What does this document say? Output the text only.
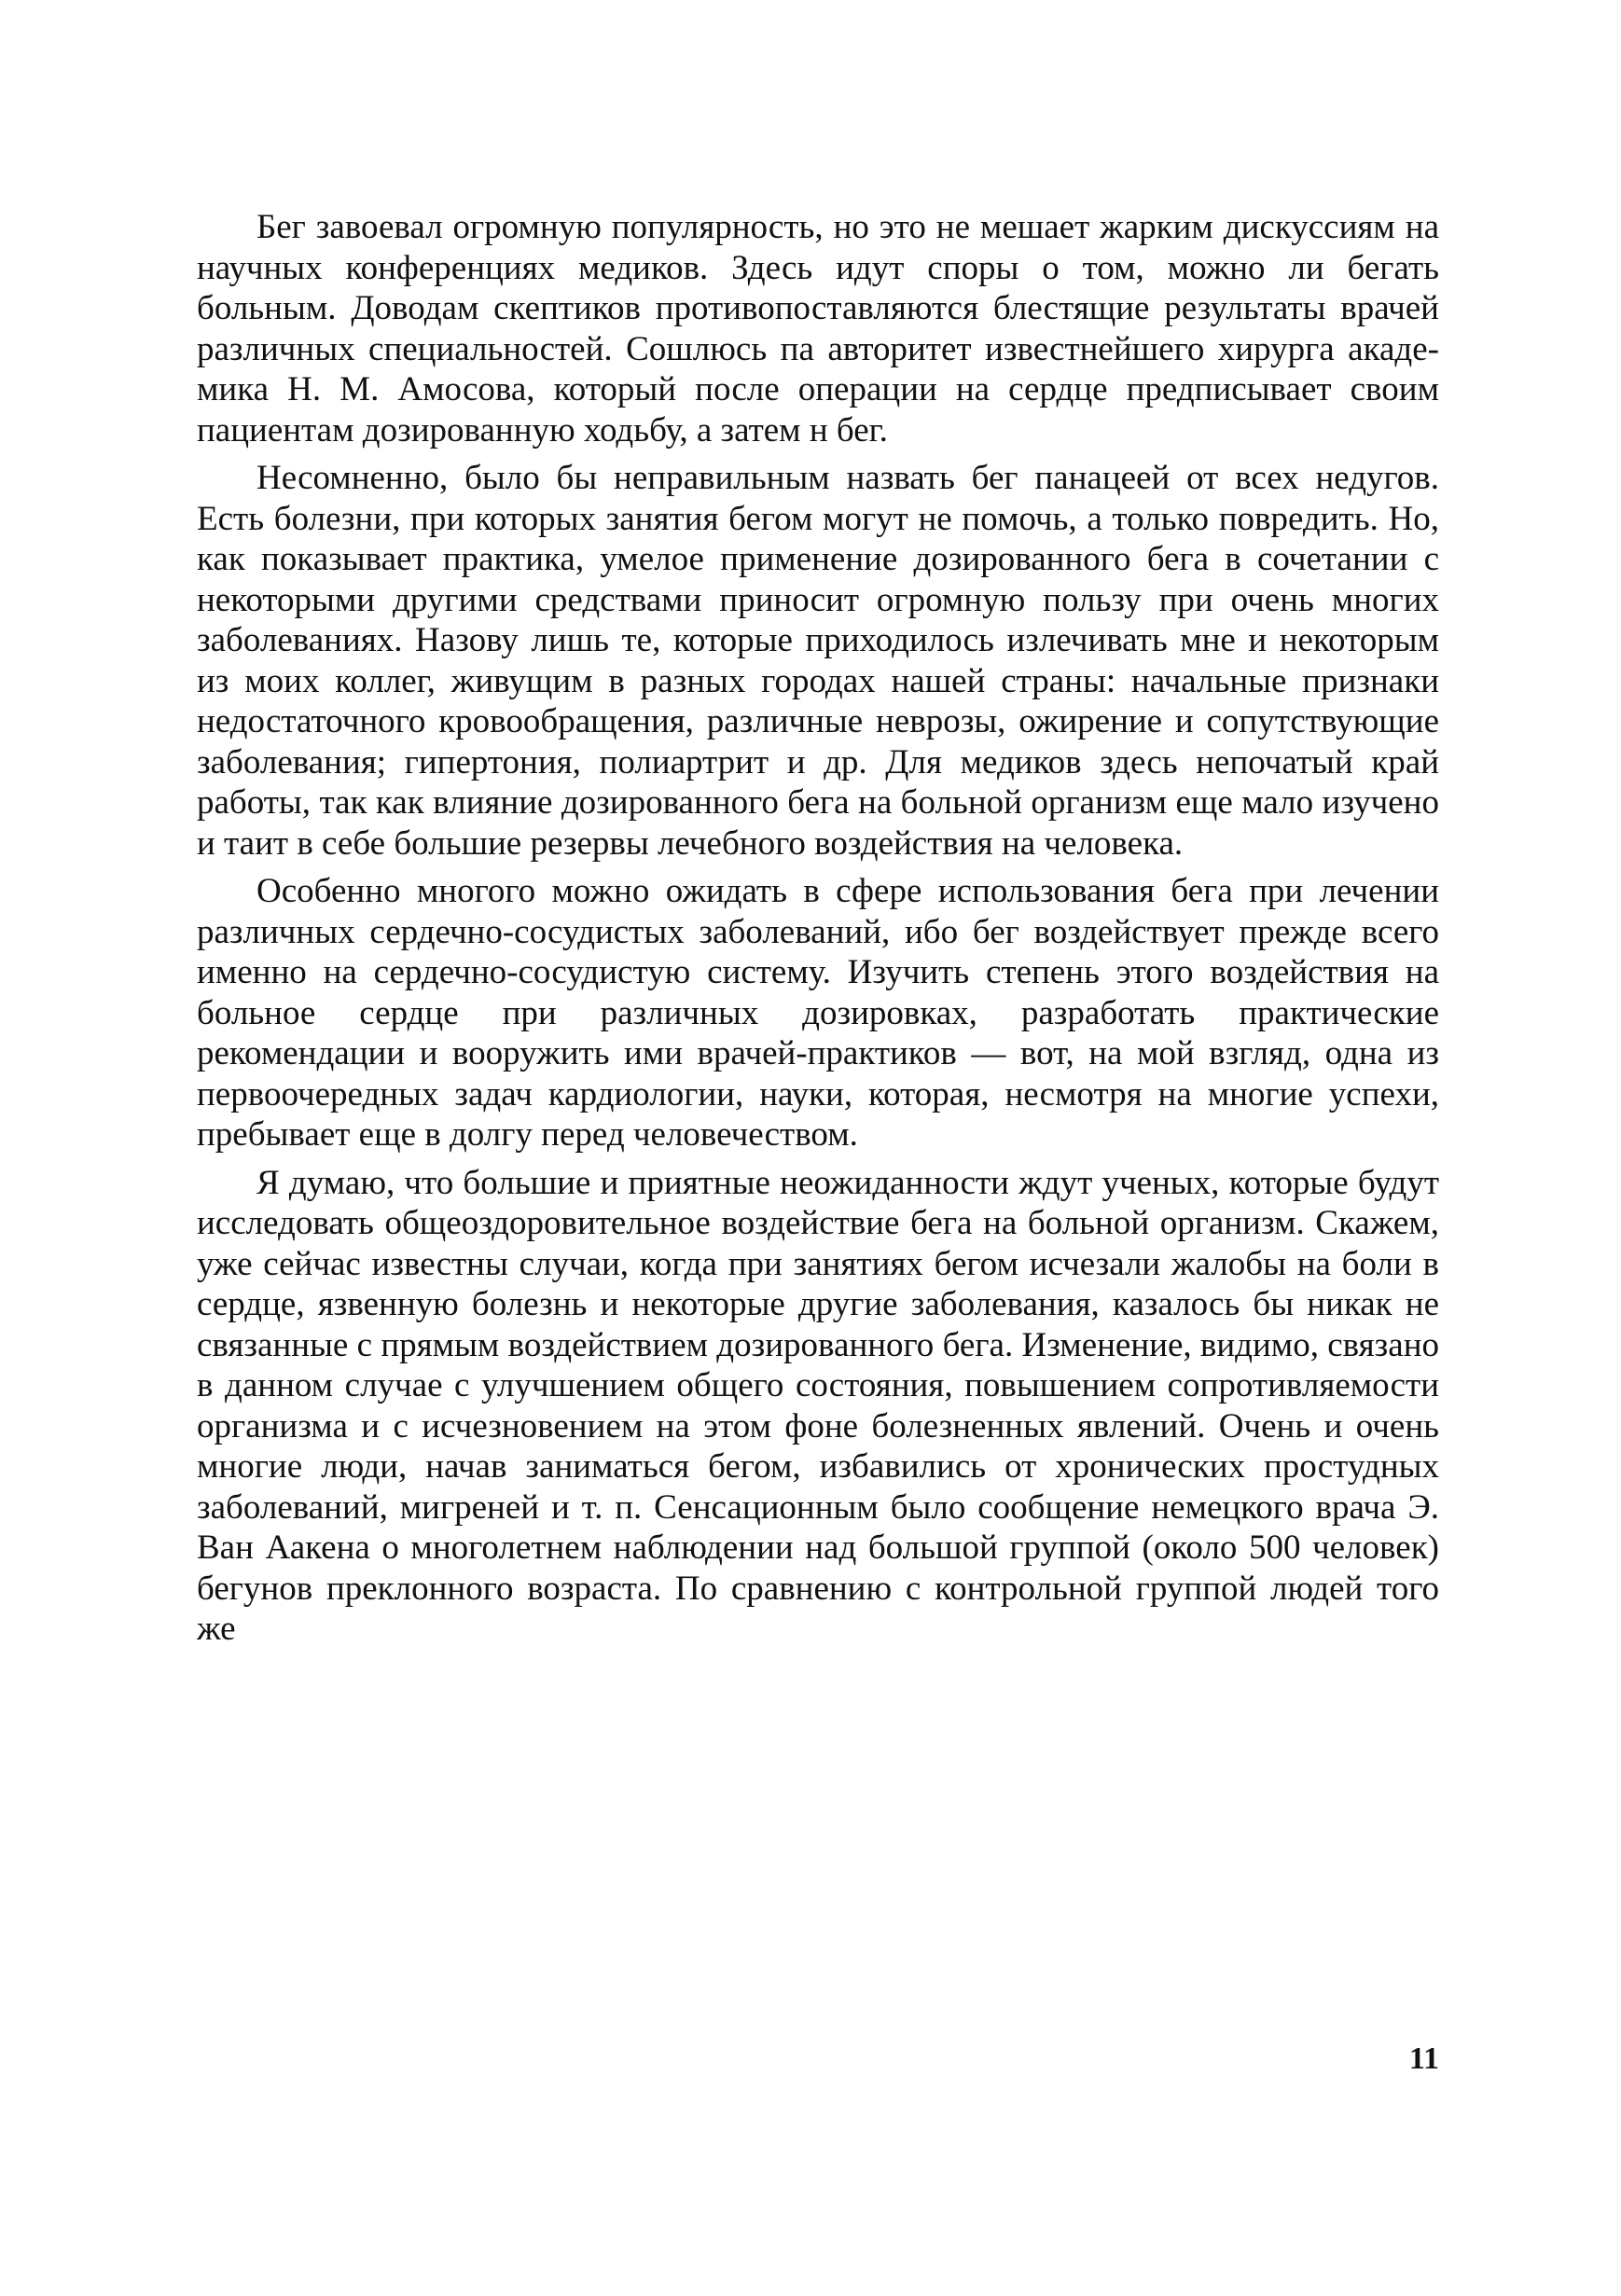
Бег завоевал огромную популярность, но это не мешает жарким дискуссиям на научных конференциях медиков. Здесь идут споры о том, можно ли бегать больным. Доводам скептиков противопоставляются блестящие результаты врачей различных специальностей. Сошлюсь па авторитет известнейшего хирурга академика Н. М. Амосова, который после операции на сердце предписывает своим пациентам дозированную ходьбу, а затем н бег.

Несомненно, было бы неправильным назвать бег панацеей от всех недугов. Есть болезни, при которых занятия бегом могут не помочь, а только повредить. Но, как показывает практика, умелое применение дозированного бега в сочетании с некоторыми другими средствами приносит огромную пользу при очень многих заболеваниях. Назову лишь те, которые приходилось излечивать мне и некоторым из моих коллег, живущим в разных городах нашей страны: начальные признаки недостаточного кровообращения, различные неврозы, ожирение и сопутствующие заболевания; гипертония, полиартрит и др. Для медиков здесь непочатый край работы, так как влияние дозированного бега на больной организм еще мало изучено и таит в себе большие резервы лечебного воздействия на человека.

Особенно многого можно ожидать в сфере использования бега при лечении различных сердечно-сосудистых заболеваний, ибо бег воздействует прежде всего именно на сердечно-сосудистую систему. Изучить степень этого воздействия на больное сердце при различных дозировках, разработать практические рекомендации и вооружить ими врачей-практиков — вот, на мой взгляд, одна из первоочередных задач кардиологии, науки, которая, несмотря на многие успехи, пребывает еще в долгу перед человечеством.

Я думаю, что большие и приятные неожиданности ждут ученых, которые будут исследовать общеоздоровительное воздействие бега на больной организм. Скажем, уже сейчас известны случаи, когда при занятиях бегом исчезали жалобы на боли в сердце, язвенную болезнь и некоторые другие заболевания, казалось бы никак не связанные с прямым воздействием дозированного бега. Изменение, видимо, связано в данном случае с улучшением общего состояния, повышением сопротивляемости организма и с исчезновением на этом фоне болезненных явлений. Очень и очень многие люди, начав заниматься бегом, избавились от хронических простудных заболеваний, мигреней и т. п. Сенсационным было сообщение немецкого врача Э. Ван Аакена о многолетнем наблюдении над большой группой (около 500 человек) бегунов преклонного возраста. По сравнению с контрольной группой людей того же

11
